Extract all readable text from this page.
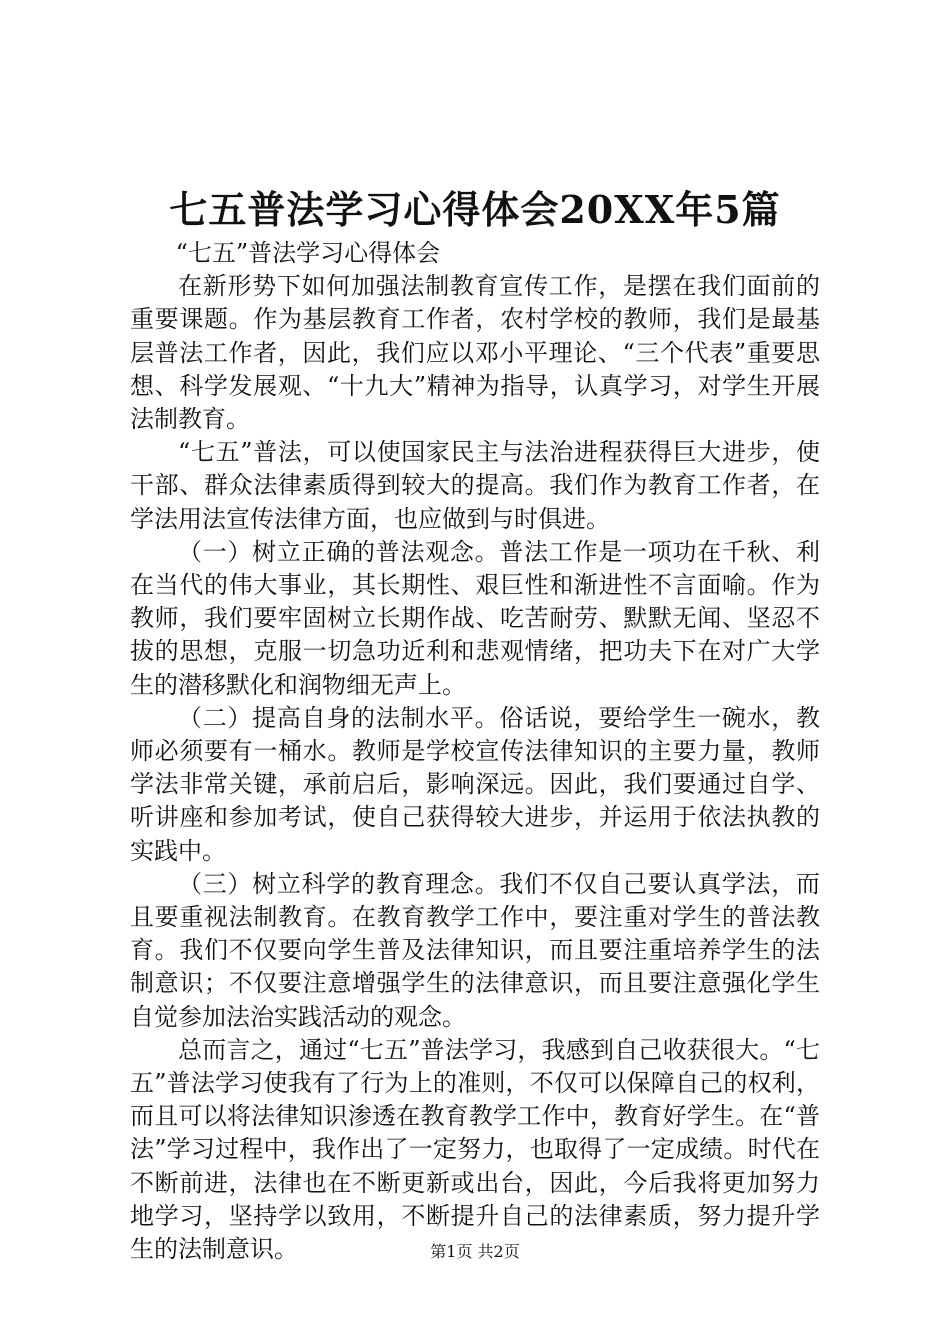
七五普法学习心得体会20XX年5篇

“七五”普法学习心得体会

在新形势下如何加强法制教育宣传工作，是摆在我们面前的重要课题。作为基层教育工作者，农村学校的教师，我们是最基层普法工作者，因此，我们应以邓小平理论、“三个代表”重要思想、科学发展观、“十九大”精神为指导，认真学习，对学生开展法制教育。

“七五”普法，可以使国家民主与法治进程获得巨大进步，使干部、群众法律素质得到较大的提高。我们作为教育工作者，在学法用法宣传法律方面，也应做到与时俱进。

（一）树立正确的普法观念。普法工作是一项功在千秋、利在当代的伟大事业，其长期性、艰巨性和渐进性不言面喻。作为教师，我们要牢固树立长期作战、吃苦耐劳、默默无闻、坚忍不拔的思想，克服一切急功近利和悲观情绪，把功夫下在对广大学生的潜移默化和润物细无声上。

（二）提高自身的法制水平。俗话说，要给学生一碗水，教师必须要有一桶水。教师是学校宣传法律知识的主要力量，教师学法非常关键，承前启后，影响深远。因此，我们要通过自学、听讲座和参加考试，使自己获得较大进步，并运用于依法执教的实践中。

（三）树立科学的教育理念。我们不仅自己要认真学法，而且要重视法制教育。在教育教学工作中，要注重对学生的普法教育。我们不仅要向学生普及法律知识，而且要注重培养学生的法制意识；不仅要注意增强学生的法律意识，而且要注意强化学生自觉参加法治实践活动的观念。

总而言之，通过“七五”普法学习，我感到自己收获很大。“七五”普法学习使我有了行为上的准则，不仅可以保障自己的权利，而且可以将法律知识渗透在教育教学工作中，教育好学生。在“普法”学习过程中，我作出了一定努力，也取得了一定成绩。时代在不断前进，法律也在不断更新或出台，因此，今后我将更加努力地学习，坚持学以致用，不断提升自己的法律素质，努力提升学生的法制意识。	第1页 共2页
